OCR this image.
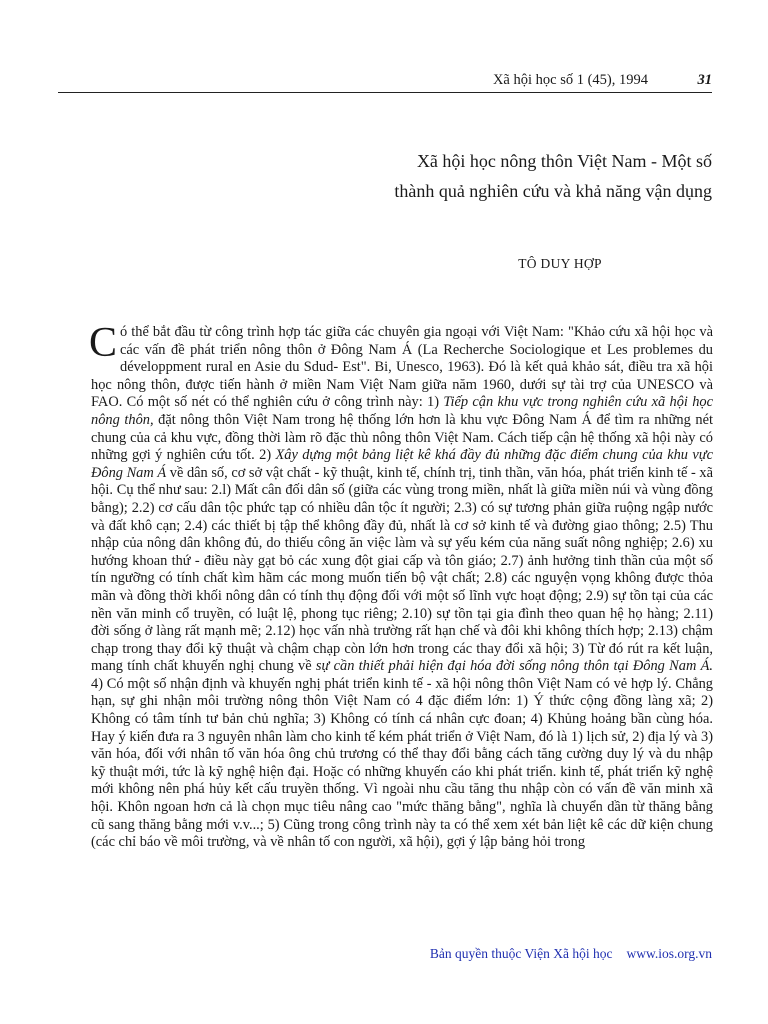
Xã hội học số 1 (45), 1994	31
Xã hội học nông thôn Việt Nam - Một số
thành quả nghiên cứu và khả năng vận dụng
TÔ DUY HỢP
Có thể bắt đầu từ công trình hợp tác giữa các chuyên gia ngoại với Việt Nam: "Khảo cứu xã hội học và các vấn đề phát triển nông thôn ở Đông Nam Á (La Recherche Sociologique et Les problemes du développment rural en Asie du Sdud- Est". Bi, Unesco, 1963). Đó là kết quả khảo sát, điều tra xã hội học nông thôn, được tiến hành ở miền Nam Việt Nam giữa năm 1960, dưới sự tài trợ của UNESCO và FAO. Có một số nét có thể nghiên cứu ở công trình này: 1) Tiếp cận khu vực trong nghiên cứu xã hội học nông thôn, đặt nông thôn Việt Nam trong hệ thống lớn hơn là khu vực Đông Nam Á để tìm ra những nét chung của cả khu vực, đồng thời làm rõ đặc thù nông thôn Việt Nam. Cách tiếp cận hệ thống xã hội này có những gợi ý nghiên cứu tốt. 2) Xây dựng một bảng liệt kê khá đầy đủ những đặc điểm chung của khu vực Đông Nam Á về dân số, cơ sở vật chất - kỹ thuật, kinh tế, chính trị, tinh thần, văn hóa, phát triển kinh tế - xã hội. Cụ thể như sau: 2.l) Mất cân đối dân số (giữa các vùng trong miền, nhất là giữa miền núi và vùng đồng bằng); 2.2) cơ cấu dân tộc phức tạp có nhiều dân tộc ít người; 2.3) có sự tương phản giữa ruộng ngập nước và đất khô cạn; 2.4) các thiết bị tập thể không đầy đủ, nhất là cơ sở kinh tế và đường giao thông; 2.5) Thu nhập của nông dân không đủ, do thiếu công ăn việc làm và sự yếu kém của năng suất nông nghiệp; 2.6) xu hướng khoan thứ - điều này gạt bỏ các xung đột giai cấp và tôn giáo; 2.7) ảnh hưởng tinh thần của một số tín ngưỡng có tính chất kìm hãm các mong muốn tiến bộ vật chất; 2.8) các nguyện vọng không được thỏa mãn và đồng thời khối nông dân có tính thụ động đối với một số lĩnh vực hoạt động; 2.9) sự tồn tại của các nền văn minh cổ truyền, có luật lệ, phong tục riêng; 2.10) sự tồn tại gia đình theo quan hệ họ hàng; 2.11) đời sống ở làng rất mạnh mẽ; 2.12) học vấn nhà trường rất hạn chế và đôi khi không thích hợp; 2.13) chậm chạp trong thay đổi kỹ thuật và chậm chạp còn lớn hơn trong các thay đổi xã hội; 3) Từ đó rút ra kết luận, mang tính chất khuyến nghị chung về sự cần thiết phải hiện đại hóa đời sống nông thôn tại Đông Nam Á. 4) Có một số nhận định và khuyến nghị phát triển kinh tế - xã hội nông thôn Việt Nam có vẻ hợp lý. Chẳng hạn, sự ghi nhận môi trường nông thôn Việt Nam có 4 đặc điểm lớn: 1) Ý thức cộng đồng làng xã; 2) Không có tâm tính tư bản chủ nghĩa; 3) Không có tính cá nhân cực đoan; 4) Khủng hoảng bần cùng hóa. Hay ý kiến đưa ra 3 nguyên nhân làm cho kinh tế kém phát triển ở Việt Nam, đó là 1) lịch sử, 2) địa lý và 3) văn hóa, đối với nhân tố văn hóa ông chủ trương có thể thay đổi bằng cách tăng cường duy lý và du nhập kỹ thuật mới, tức là kỹ nghệ hiện đại. Hoặc có những khuyến cáo khi phát triển. kinh tế, phát triển kỹ nghệ mới không nên phá hủy kết cấu truyền thống. Vì ngoài nhu cầu tăng thu nhập còn có vấn đề văn minh xã hội. Khôn ngoan hơn cả là chọn mục tiêu nâng cao "mức thăng bằng", nghĩa là chuyển dần từ thăng bằng cũ sang thăng bằng mới v.v...; 5) Cũng trong công trình này ta có thể xem xét bản liệt kê các dữ kiện chung (các chỉ báo về môi trường, và về nhân tố con người, xã hội), gợi ý lập bảng hỏi trong
Bản quyền thuộc Viện Xã hội học www.ios.org.vn
